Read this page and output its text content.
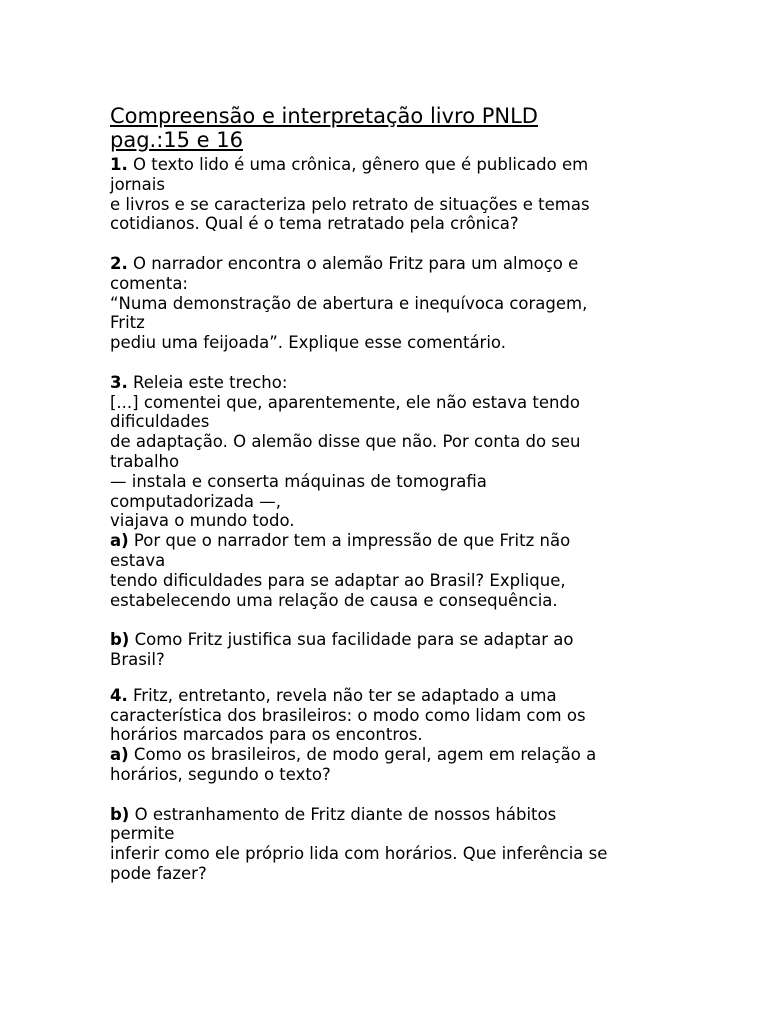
Compreensão e interpretação livro PNLD
pag.:15 e 16
1. O texto lido é uma crônica, gênero que é publicado em
jornais
e livros e se caracteriza pelo retrato de situações e temas
cotidianos. Qual é o tema retratado pela crônica?
2. O narrador encontra o alemão Fritz para um almoço e
comenta:
“Numa demonstração de abertura e inequívoca coragem,
Fritz
pediu uma feijoada”. Explique esse comentário.
3. Releia este trecho:
[...] comentei que, aparentemente, ele não estava tendo
dificuldades
de adaptação. O alemão disse que não. Por conta do seu
trabalho
— instala e conserta máquinas de tomografia
computadorizada —,
viajava o mundo todo.
a) Por que o narrador tem a impressão de que Fritz não
estava
tendo dificuldades para se adaptar ao Brasil? Explique,
estabelecendo uma relação de causa e consequência.
b) Como Fritz justifica sua facilidade para se adaptar ao
Brasil?
4. Fritz, entretanto, revela não ter se adaptado a uma
característica dos brasileiros: o modo como lidam com os
horários marcados para os encontros.
a) Como os brasileiros, de modo geral, agem em relação a
horários, segundo o texto?
b) O estranhamento de Fritz diante de nossos hábitos
permite
inferir como ele próprio lida com horários. Que inferência se
pode fazer?
